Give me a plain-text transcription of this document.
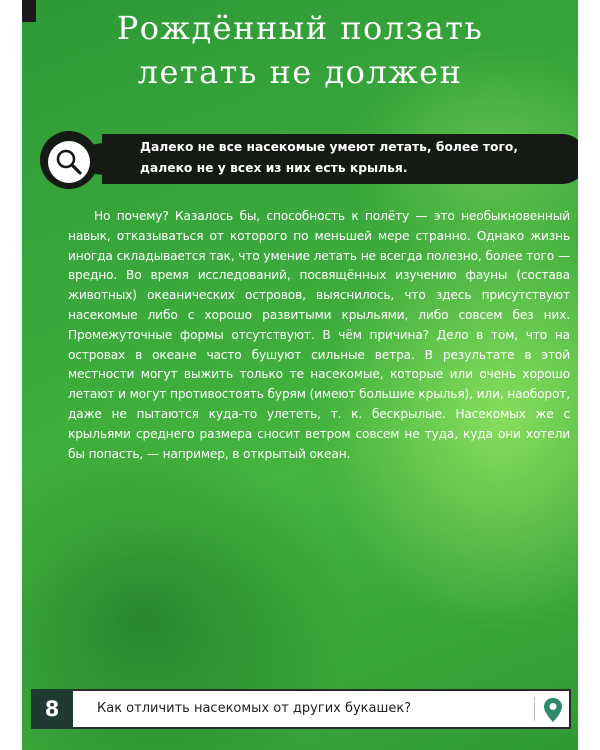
Рождённый ползать летать не должен
Далеко не все насекомые умеют летать, более того, далеко не у всех из них есть крылья.

Но почему? Казалось бы, способность к полёту — это необыкновенный навык, отказываться от которого по меньшей мере странно. Однако жизнь иногда складывается так, что умение летать не всегда полезно, более того — вредно. Во время исследований, посвящённых изучению фауны (состава животных) океанических островов, выяснилось, что здесь присутствуют насекомые либо с хорошо развитыми крыльями, либо совсем без них. Промежуточные формы отсутствуют. В чём причина? Дело в том, что на островах в океане часто бушуют сильные ветра. В результате в этой местности могут выжить только те насекомые, которые или очень хорошо летают и могут противостоять бурям (имеют большие крылья), или, наоборот, даже не пытаются куда-то улететь, т. к. бескрылые. Насекомых же с крыльями среднего размера сносит ветром совсем не туда, куда они хотели бы попасть, — например, в открытый океан.

8	Как отличить насекомых от других букашек?
